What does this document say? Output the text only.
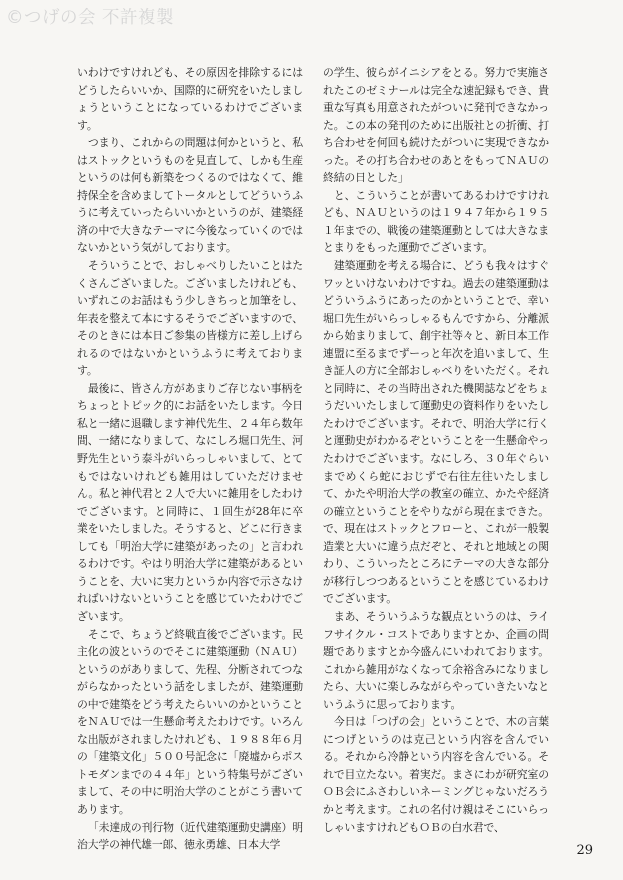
©つげの会 不許複製

いわけですけれども、その原因を排除するにはどうしたらいいか、国際的に研究をいたしましょうということになっているわけでございます。

つまり、これからの問題は何かというと、私はストックというものを見直して、しかも生産というのは何も新築をつくるのではなくて、維持保全を含めましてトータルとしてどういうふうに考えていったらいいかというのが、建築経済の中で大きなテーマに今後なっていくのではないかという気がしております。

そういうことで、おしゃべりしたいことはたくさんございました。ございましたけれども、いずれこのお話はもう少しきちっと加筆をし、年表を整えて本にするそうでございますので、そのときには本日ご参集の皆様方に差し上げられるのではないかというふうに考えております。

最後に、皆さん方があまりご存じない事柄をちょっとトピック的にお話をいたします。今日私と一緒に退職します神代先生、２４年ら数年間、一緒になりまして、なにしろ堀口先生、河野先生という泰斗がいらっしゃいまして、とてもではないけれども雑用はしていただけません。私と神代君と２人で大いに雑用をしたわけでございます。と同時に、１回生が28年に卒業をいたしました。そうすると、どこに行きましても「明治大学に建築があったの」と言われるわけです。やはり明治大学に建築があるということを、大いに実力というか内容で示さなければいけないということを感じていたわけでございます。

そこで、ちょうど終戦直後でございます。民主化の波というのでそこに建築運動（ＮＡＵ）というのがありまして、先程、分断されてつながらなかったという話をしましたが、建築運動の中で建築をどう考えたらいいのかということをＮＡＵでは一生懸命考えたわけです。いろんな出版がされましたけれども、１９８８年６月の「建築文化」５００号記念に「廃墟からポストモダンまでの４４年」という特集号がございまして、その中に明治大学のことがこう書いてあります。

「未達成の刊行物（近代建築運動史講座）明治大学の神代雄一郎、徳永勇雄、日本大学

の学生、彼らがイニシアをとる。努力で実施されたこのゼミナールは完全な速記録もでき、貴重な写真も用意されたがついに発刊できなかった。この本の発刊のために出版社との折衝、打ち合わせを何回も続けたがついに実現できなかった。その打ち合わせのあとをもってＮＡＵの終結の日とした」

と、こういうことが書いてあるわけですけれども、ＮＡＵというのは１９４７年から１９５１年までの、戦後の建築運動としては大きなまとまりをもった運動でございます。

建築運動を考える場合に、どうも我々はすぐワッといけないわけですね。過去の建築運動はどういうふうにあったのかということで、幸い堀口先生がいらっしゃるもんですから、分離派から始まりまして、創宇社等々と、新日本工作連盟に至るまでずーっと年次を追いまして、生き証人の方に全部おしゃべりをいただく。それと同時に、その当時出された機関誌などをちょうだいいたしまして運動史の資料作りをいたしたわけでございます。それで、明治大学に行くと運動史がわかるぞということを一生懸命やったわけでございます。なにしろ、３０年ぐらいまでめくら蛇におじずで右往左往いたしまして、かたや明治大学の教室の確立、かたや経済の確立ということをやりながら現在まできた。で、現在はストックとフローと、これが一般製造業と大いに違う点だぞと、それと地域との関わり、こういったところにテーマの大きな部分が移行しつつあるということを感じているわけでございます。

まあ、そういうふうな観点というのは、ライフサイクル・コストでありますとか、企画の問題でありますとか今盛んにいわれております。これから雑用がなくなって余裕含みになりましたら、大いに楽しみながらやっていきたいなというふうに思っております。

今日は「つげの会」ということで、木の言葉につげというのは克己という内容を含んでいる。それから冷静という内容を含んでいる。それで目立たない。着実だ。まさにわが研究室のＯＢ会にふさわしいネーミングじゃないだろうかと考えます。これの名付け親はそこにいらっしゃいますけれどもＯＢの白水君で、

29
